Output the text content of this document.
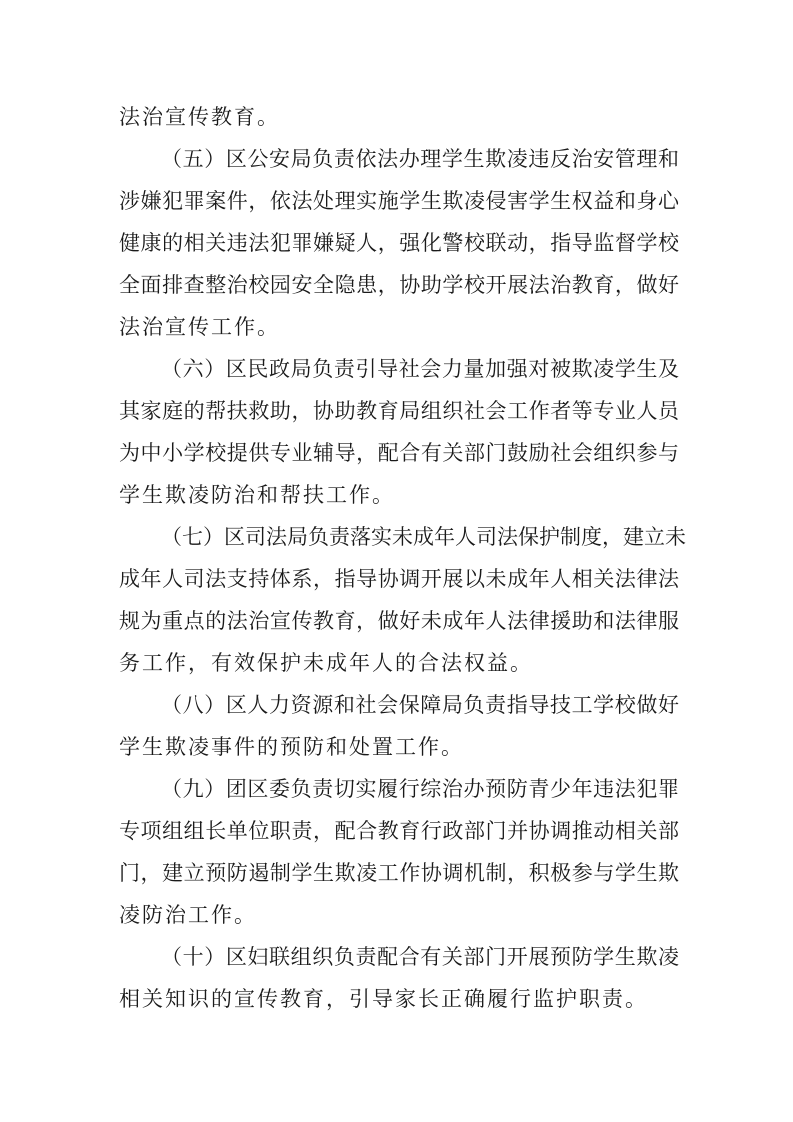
法治宣传教育。
（五）区公安局负责依法办理学生欺凌违反治安管理和
涉嫌犯罪案件，依法处理实施学生欺凌侵害学生权益和身心
健康的相关违法犯罪嫌疑人，强化警校联动，指导监督学校
全面排查整治校园安全隐患，协助学校开展法治教育，做好
法治宣传工作。
（六）区民政局负责引导社会力量加强对被欺凌学生及
其家庭的帮扶救助，协助教育局组织社会工作者等专业人员
为中小学校提供专业辅导，配合有关部门鼓励社会组织参与
学生欺凌防治和帮扶工作。
（七）区司法局负责落实未成年人司法保护制度，建立未
成年人司法支持体系，指导协调开展以未成年人相关法律法
规为重点的法治宣传教育，做好未成年人法律援助和法律服
务工作，有效保护未成年人的合法权益。
（八）区人力资源和社会保障局负责指导技工学校做好
学生欺凌事件的预防和处置工作。
（九）团区委负责切实履行综治办预防青少年违法犯罪
专项组组长单位职责，配合教育行政部门并协调推动相关部
门，建立预防遏制学生欺凌工作协调机制，积极参与学生欺
凌防治工作。
（十）区妇联组织负责配合有关部门开展预防学生欺凌
相关知识的宣传教育，引导家长正确履行监护职责。
